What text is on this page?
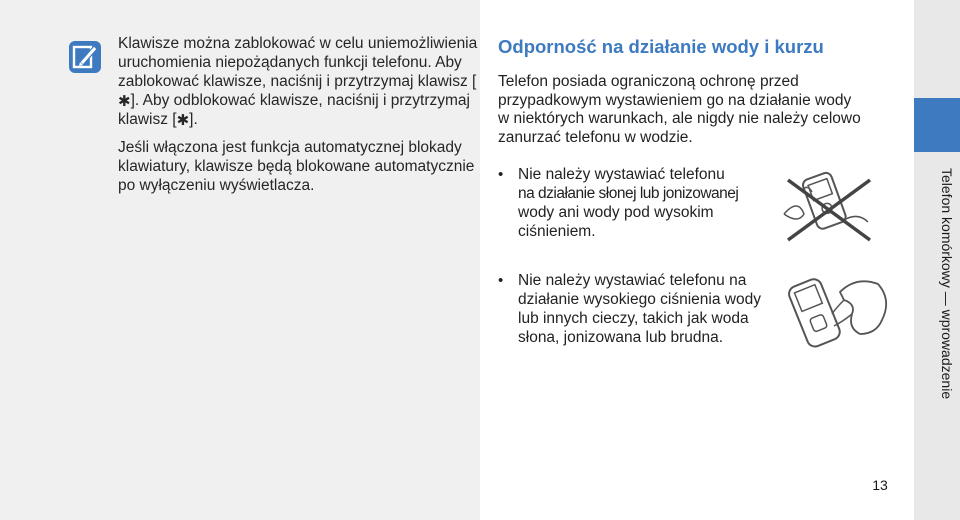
Klawisze można zablokować w celu uniemożliwienia uruchomienia niepożądanych funkcji telefonu. Aby zablokować klawisze, naciśnij i przytrzymaj klawisz [✱]. Aby odblokować klawisze, naciśnij i przytrzymaj klawisz [✱].

Jeśli włączona jest funkcja automatycznej blokady klawiatury, klawisze będą blokowane automatycznie po wyłączeniu wyświetlacza.

Odporność na działanie wody i kurzu

Telefon posiada ograniczoną ochronę przed przypadkowym wystawieniem go na działanie wody w niektórych warunkach, ale nigdy nie należy celowo zanurzać telefonu w wodzie.

• Nie należy wystawiać telefonu
na działanie słonej lub jonizowanej
wody ani wody pod wysokim ciśnieniem.
• Nie należy wystawiać telefonu na działanie wysokiego ciśnienia wody lub innych cieczy, takich jak woda słona, jonizowana lub brudna.	Telefon komórkowy — wprowadzenie
13
